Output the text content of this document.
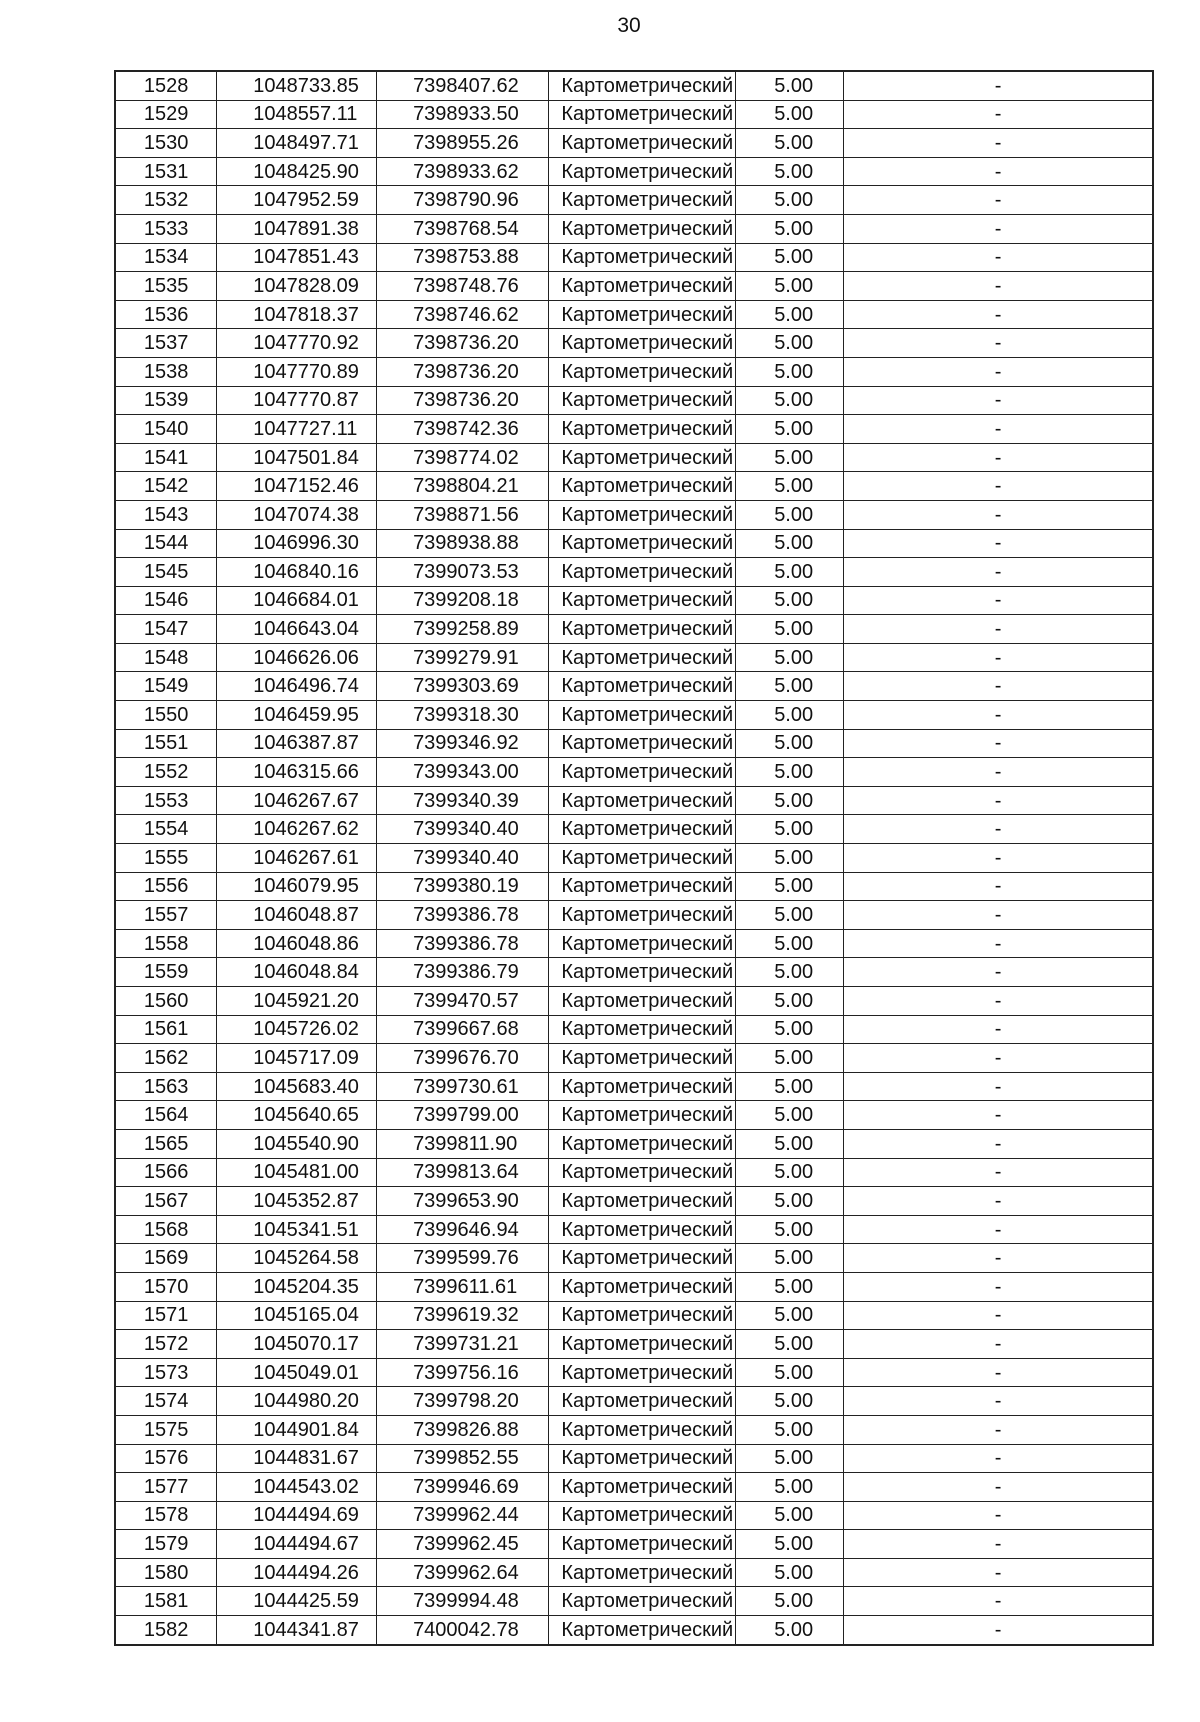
30
1528	1048733.85	7398407.62	Картометрический	5.00	-
1529	1048557.11	7398933.50	Картометрический	5.00	-
1530	1048497.71	7398955.26	Картометрический	5.00	-
1531	1048425.90	7398933.62	Картометрический	5.00	-
1532	1047952.59	7398790.96	Картометрический	5.00	-
1533	1047891.38	7398768.54	Картометрический	5.00	-
1534	1047851.43	7398753.88	Картометрический	5.00	-
1535	1047828.09	7398748.76	Картометрический	5.00	-
1536	1047818.37	7398746.62	Картометрический	5.00	-
1537	1047770.92	7398736.20	Картометрический	5.00	-
1538	1047770.89	7398736.20	Картометрический	5.00	-
1539	1047770.87	7398736.20	Картометрический	5.00	-
1540	1047727.11	7398742.36	Картометрический	5.00	-
1541	1047501.84	7398774.02	Картометрический	5.00	-
1542	1047152.46	7398804.21	Картометрический	5.00	-
1543	1047074.38	7398871.56	Картометрический	5.00	-
1544	1046996.30	7398938.88	Картометрический	5.00	-
1545	1046840.16	7399073.53	Картометрический	5.00	-
1546	1046684.01	7399208.18	Картометрический	5.00	-
1547	1046643.04	7399258.89	Картометрический	5.00	-
1548	1046626.06	7399279.91	Картометрический	5.00	-
1549	1046496.74	7399303.69	Картометрический	5.00	-
1550	1046459.95	7399318.30	Картометрический	5.00	-
1551	1046387.87	7399346.92	Картометрический	5.00	-
1552	1046315.66	7399343.00	Картометрический	5.00	-
1553	1046267.67	7399340.39	Картометрический	5.00	-
1554	1046267.62	7399340.40	Картометрический	5.00	-
1555	1046267.61	7399340.40	Картометрический	5.00	-
1556	1046079.95	7399380.19	Картометрический	5.00	-
1557	1046048.87	7399386.78	Картометрический	5.00	-
1558	1046048.86	7399386.78	Картометрический	5.00	-
1559	1046048.84	7399386.79	Картометрический	5.00	-
1560	1045921.20	7399470.57	Картометрический	5.00	-
1561	1045726.02	7399667.68	Картометрический	5.00	-
1562	1045717.09	7399676.70	Картометрический	5.00	-
1563	1045683.40	7399730.61	Картометрический	5.00	-
1564	1045640.65	7399799.00	Картометрический	5.00	-
1565	1045540.90	7399811.90	Картометрический	5.00	-
1566	1045481.00	7399813.64	Картометрический	5.00	-
1567	1045352.87	7399653.90	Картометрический	5.00	-
1568	1045341.51	7399646.94	Картометрический	5.00	-
1569	1045264.58	7399599.76	Картометрический	5.00	-
1570	1045204.35	7399611.61	Картометрический	5.00	-
1571	1045165.04	7399619.32	Картометрический	5.00	-
1572	1045070.17	7399731.21	Картометрический	5.00	-
1573	1045049.01	7399756.16	Картометрический	5.00	-
1574	1044980.20	7399798.20	Картометрический	5.00	-
1575	1044901.84	7399826.88	Картометрический	5.00	-
1576	1044831.67	7399852.55	Картометрический	5.00	-
1577	1044543.02	7399946.69	Картометрический	5.00	-
1578	1044494.69	7399962.44	Картометрический	5.00	-
1579	1044494.67	7399962.45	Картометрический	5.00	-
1580	1044494.26	7399962.64	Картометрический	5.00	-
1581	1044425.59	7399994.48	Картометрический	5.00	-
1582	1044341.87	7400042.78	Картометрический	5.00	-
